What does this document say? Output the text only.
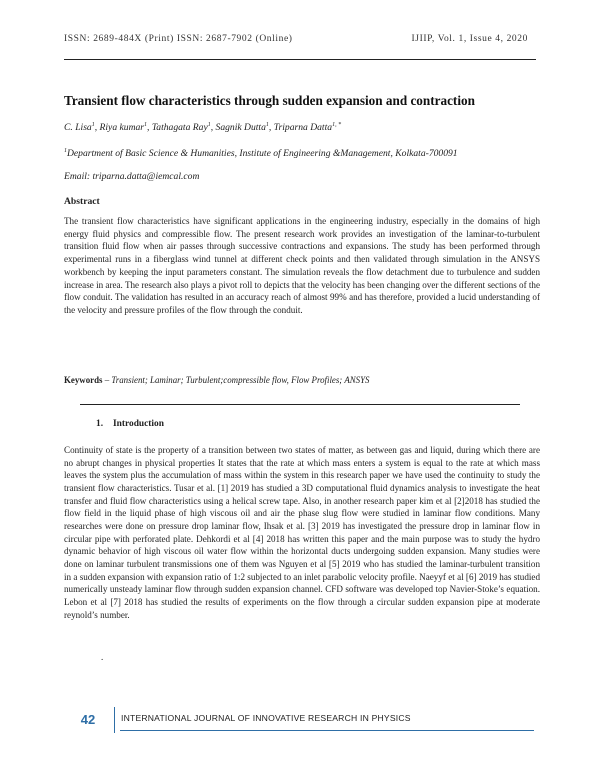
ISSN: 2689-484X (Print) ISSN: 2687-7902 (Online)	IJIIP, Vol. 1, Issue 4, 2020
Transient flow characteristics through sudden expansion and contraction
C. Lisa$^1$, Riya kumar$^1$, Tathagata Ray$^1$, Sagnik Dutta$^1$, Triparna Datta$^{1, *}$
$^1$Department of Basic Science & Humanities, Institute of Engineering &Management, Kolkata-700091
Email: triparna.datta@iemcal.com
Abstract
The transient flow characteristics have significant applications in the engineering industry, especially in the domains of high energy fluid physics and compressible flow. The present research work provides an investigation of the laminar-to-turbulent transition fluid flow when air passes through successive contractions and expansions. The study has been performed through experimental runs in a fiberglass wind tunnel at different check points and then validated through simulation in the ANSYS workbench by keeping the input parameters constant. The simulation reveals the flow detachment due to turbulence and sudden increase in area. The research also plays a pivot roll to depicts that the velocity has been changing over the different sections of the flow conduit. The validation has resulted in an accuracy reach of almost 99% and has therefore, provided a lucid understanding of the velocity and pressure profiles of the flow through the conduit.
Keywords – Transient; Laminar; Turbulent;compressible flow, Flow Profiles; ANSYS
1. Introduction
Continuity of state is the property of a transition between two states of matter, as between gas and liquid, during which there are no abrupt changes in physical properties It states that the rate at which mass enters a system is equal to the rate at which mass leaves the system plus the accumulation of mass within the system in this research paper we have used the continuity to study the transient flow characteristics. Tusar et al. [1] 2019 has studied a 3D computational fluid dynamics analysis to investigate the heat transfer and fluid flow characteristics using a helical screw tape. Also, in another research paper kim et al [2]2018 has studied the flow field in the liquid phase of high viscous oil and air the phase slug flow were studied in laminar flow conditions. Many researches were done on pressure drop laminar flow, Ihsak et al. [3] 2019 has investigated the pressure drop in laminar flow in circular pipe with perforated plate. Dehkordi et al [4] 2018 has written this paper and the main purpose was to study the hydro dynamic behavior of high viscous oil water flow within the horizontal ducts undergoing sudden expansion. Many studies were done on laminar turbulent transmissions one of them was Nguyen et al [5] 2019 who has studied the laminar-turbulent transition in a sudden expansion with expansion ratio of 1:2 subjected to an inlet parabolic velocity profile. Naeyyf et al [6] 2019 has studied numerically unsteady laminar flow through sudden expansion channel. CFD software was developed top Navier-Stoke’s equation. Lebon et al [7] 2018 has studied the results of experiments on the flow through a circular sudden expansion pipe at moderate reynold’s number.
.
42	INTERNATIONAL JOURNAL OF INNOVATIVE RESEARCH IN PHYSICS
